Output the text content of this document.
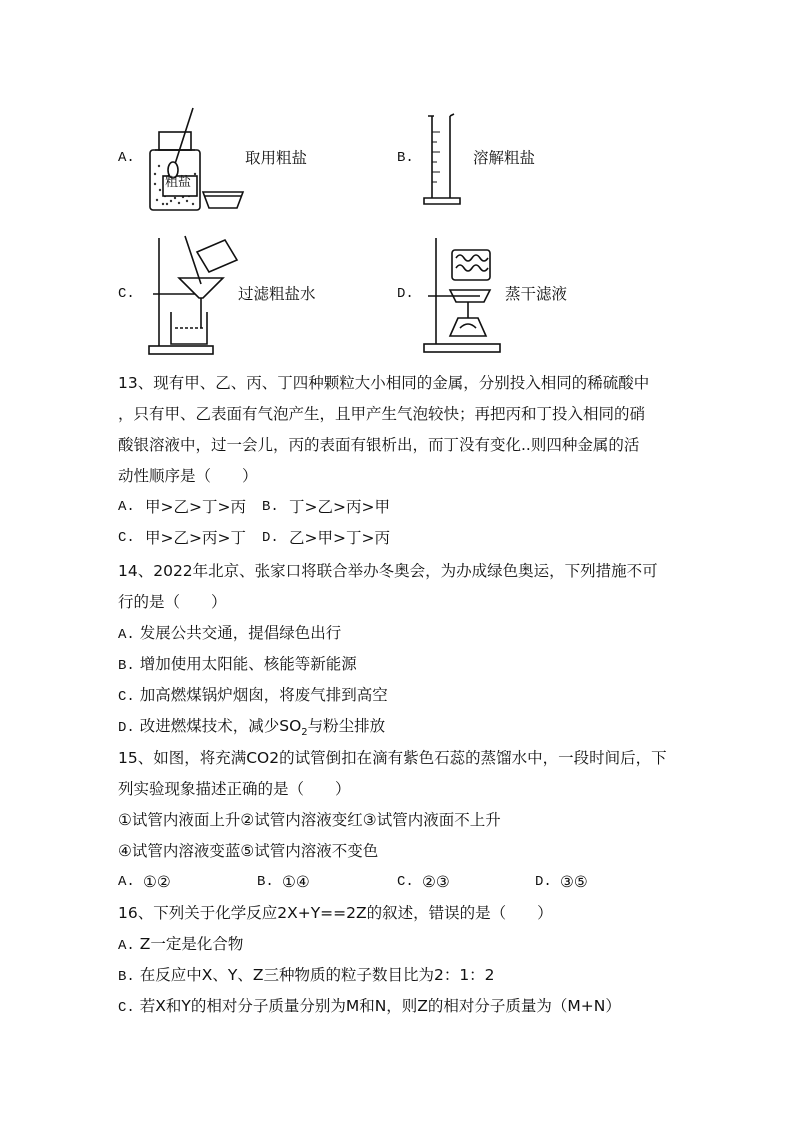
A.
粗盐
取用粗盐	B.	溶解粗盐
C.	过滤粗盐水	D.	蒸干滤液
13、现有甲、乙、丙、丁四种颗粒大小相同的金属，分别投入相同的稀硫酸中
，只有甲、乙表面有气泡产生，且甲产生气泡较快；再把丙和丁投入相同的硝
酸银溶液中，过一会儿，丙的表面有银析出，而丁没有变化..则四种金属的活
动性顺序是（　　）
A. 甲>乙>丁>丙 B. 丁>乙>丙>甲
C. 甲>乙>丙>丁 D. 乙>甲>丁>丙
14、2022年北京、张家口将联合举办冬奥会，为办成绿色奥运，下列措施不可
行的是（　　）
A. 发展公共交通，提倡绿色出行
B. 增加使用太阳能、核能等新能源
C. 加高燃煤锅炉烟囱，将废气排到高空
D. 改进燃煤技术，减少$SO_2$与粉尘排放
15、如图，将充满CO2的试管倒扣在滴有紫色石蕊的蒸馏水中，一段时间后，下
列实验现象描述正确的是（　　）
①试管内液面上升②试管内溶液变红③试管内液面不上升
④试管内溶液变蓝⑤试管内溶液不变色
A. ①②	B. ①④	C. ②③	D. ③⑤
16、下列关于化学反应2X+Y==2Z的叙述，错误的是（　　）
A. Z一定是化合物
B. 在反应中X、Y、Z三种物质的粒子数目比为2：1：2
C. 若X和Y的相对分子质量分别为M和N，则Z的相对分子质量为（M+N）
